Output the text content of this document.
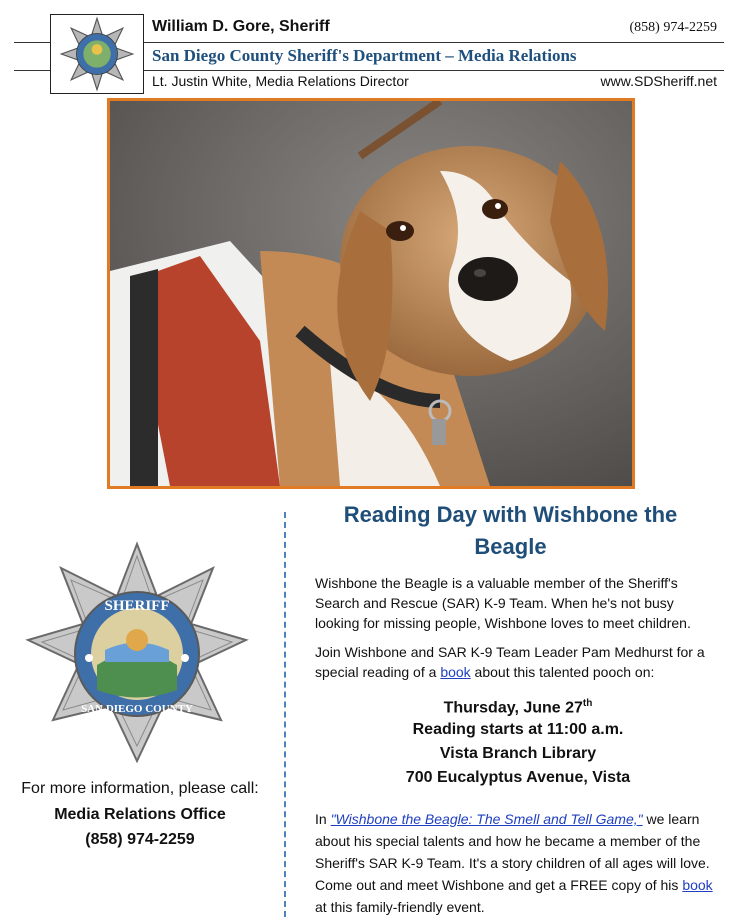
William D. Gore, Sheriff	(858) 974-2259
San Diego County Sheriff's Department – Media Relations
Lt. Justin White, Media Relations Director	www.SDSheriff.net
SHERIFF
SAN DIEGO COUNTY
For more information, please call:
Media Relations Office
(858) 974-2259
Reading Day with Wishbone the Beagle
Wishbone the Beagle is a valuable member of the Sheriff's Search and Rescue (SAR) K-9 Team. When he's not busy looking for missing people, Wishbone loves to meet children.
Join Wishbone and SAR K-9 Team Leader Pam Medhurst for a special reading of a book about this talented pooch on:
Thursday, June 27th
Reading starts at 11:00 a.m.
Vista Branch Library
700 Eucalyptus Avenue, Vista
In "Wishbone the Beagle: The Smell and Tell Game," we learn about his special talents and how he became a member of the Sheriff's SAR K-9 Team. It's a story children of all ages will love. Come out and meet Wishbone and get a FREE copy of his book at this family-friendly event.
